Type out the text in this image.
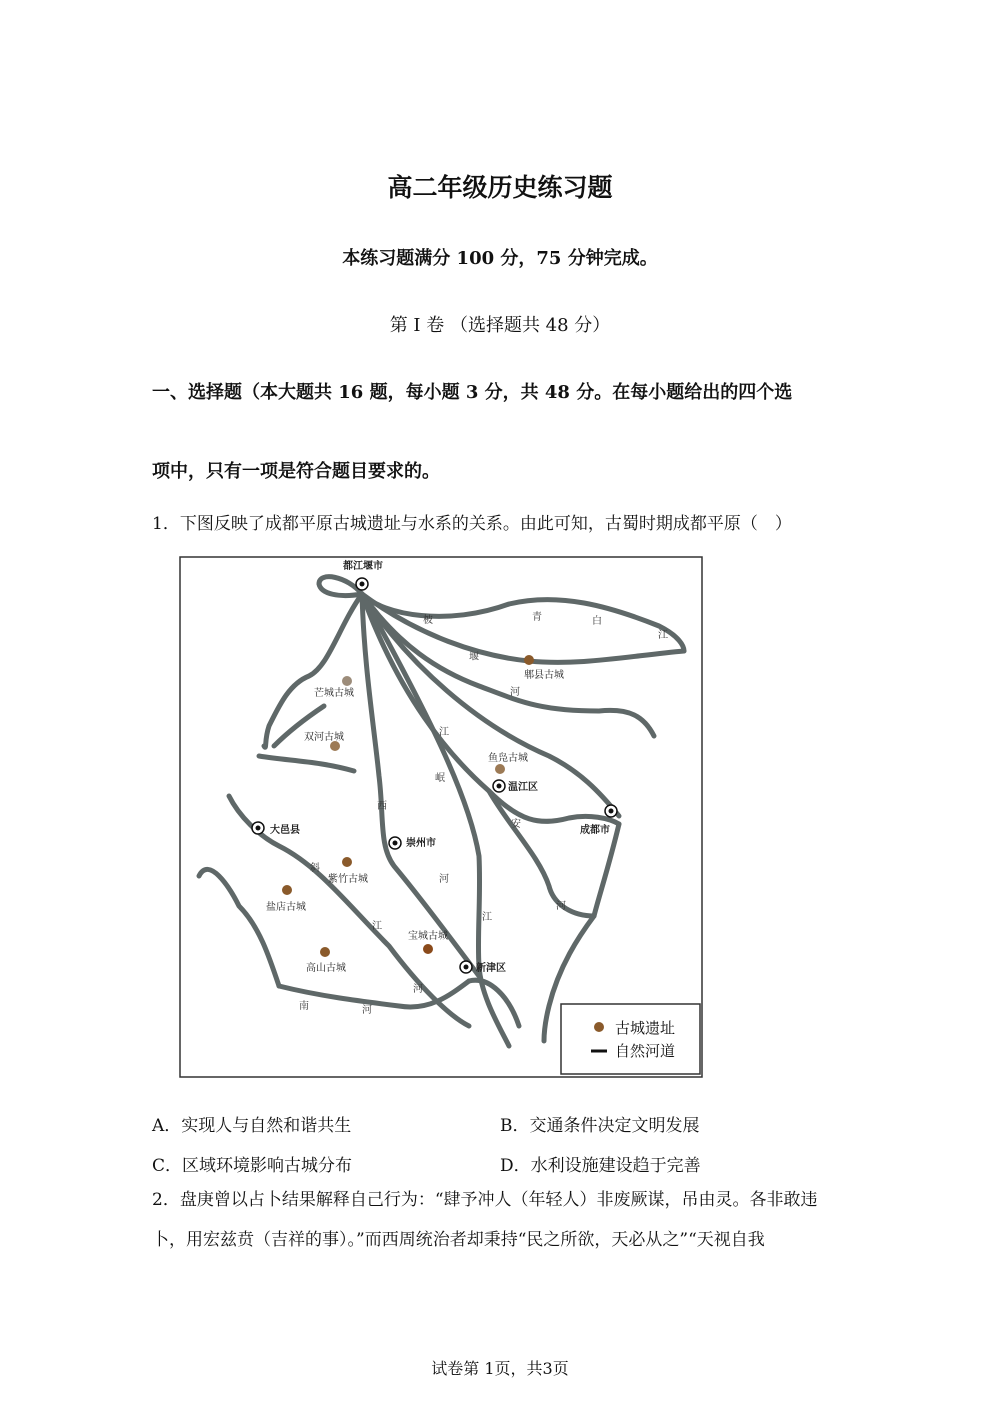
高二年级历史练习题
本练习题满分 100 分，75 分钟完成。
第 I 卷 （选择题共 48 分）
一、选择题（本大题共 16 题，每小题 3 分，共 48 分。在每小题给出的四个选
项中，只有一项是符合题目要求的。
1．下图反映了成都平原古城遗址与水系的关系。由此可知，古蜀时期成都平原（　）
都江堰市
温江区
成都市
大邑县
崇州市
新津区
郫县古城
芒城古城
双河古城
鱼凫古城
紫竹古城
盐店古城
宝城古城
高山古城
青	白
江
柀
堰
河
江
岷
江
西
河
安
河
斜
江
河
南	河
古城遗址
自然河道
A．实现人与自然和谐共生	B．交通条件决定文明发展
C．区域环境影响古城分布	D．水利设施建设趋于完善
2．盘庚曾以占卜结果解释自己行为：“肆予冲人（年轻人）非废厥谋，吊由灵。各非敢违
卜，用宏兹贲（吉祥的事）。”而西周统治者却秉持“民之所欲，天必从之”“天视自我
试卷第 1页，共3页
